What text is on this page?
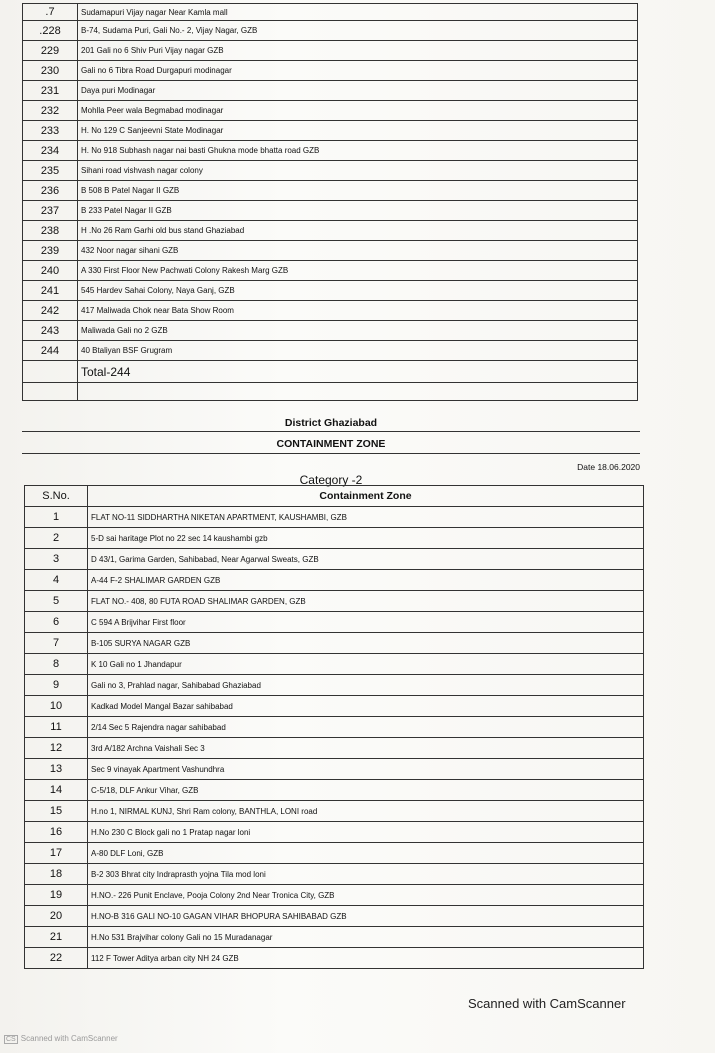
.7	Sudamapuri Vijay nagar Near Kamla mall
.228	B-74, Sudama Puri, Gali No.- 2, Vijay Nagar, GZB
229	201 Gali no 6 Shiv Puri Vijay nagar GZB
230	Gali no 6 Tibra Road Durgapuri modinagar
231	Daya puri Modinagar
232	Mohlla Peer wala Begmabad modinagar
233	H. No 129 C Sanjeevni State Modinagar
234	H. No 918 Subhash nagar nai basti Ghukna mode bhatta road GZB
235	Sihani road vishvash nagar colony
236	B 508 B Patel Nagar II GZB
237	B 233 Patel Nagar II GZB
238	H .No 26 Ram Garhi old bus stand Ghaziabad
239	432 Noor nagar sihani GZB
240	A 330 First Floor New Pachwati Colony Rakesh Marg GZB
241	545 Hardev Sahai Colony, Naya Ganj, GZB
242	417 Maliwada Chok near Bata Show Room
243	Maliwada Gali no 2 GZB
244	40 Btaliyan BSF Grugram
	Total-244

District Ghaziabad
CONTAINMENT ZONE
Date 18.06.2020
Category -2
S.No.	Containment Zone
1	FLAT NO-11 SIDDHARTHA NIKETAN APARTMENT, KAUSHAMBI, GZB
2	5-D sai haritage Plot no 22 sec 14 kaushambi gzb
3	D 43/1, Garima Garden, Sahibabad, Near Agarwal Sweats, GZB
4	A-44 F-2 SHALIMAR GARDEN GZB
5	FLAT NO.- 408, 80 FUTA ROAD SHALIMAR GARDEN, GZB
6	C 594 A Brijvihar First floor
7	B-105 SURYA NAGAR GZB
8	K 10 Gali no 1 Jhandapur
9	Gali no 3, Prahlad nagar, Sahibabad Ghaziabad
10	Kadkad Model Mangal Bazar sahibabad
11	2/14 Sec 5 Rajendra nagar sahibabad
12	3rd A/182 Archna Vaishali Sec 3
13	Sec 9 vinayak Apartment Vashundhra
14	C-5/18, DLF Ankur Vihar, GZB
15	H.no 1, NIRMAL KUNJ, Shri Ram colony, BANTHLA, LONI road
16	H.No 230 C Block gali no 1 Pratap nagar loni
17	A-80 DLF Loni, GZB
18	B-2 303 Bhrat city Indraprasth yojna Tila mod loni
19	H.NO.- 226 Punit Enclave, Pooja Colony 2nd Near Tronica City, GZB
20	H.NO-B 316 GALI NO-10 GAGAN VIHAR BHOPURA SAHIBABAD GZB
21	H.No 531 Brajvihar colony Gali no 15 Muradanagar
22	112 F Tower Aditya arban city NH 24 GZB
Scanned with CamScanner
CS Scanned with CamScanner
